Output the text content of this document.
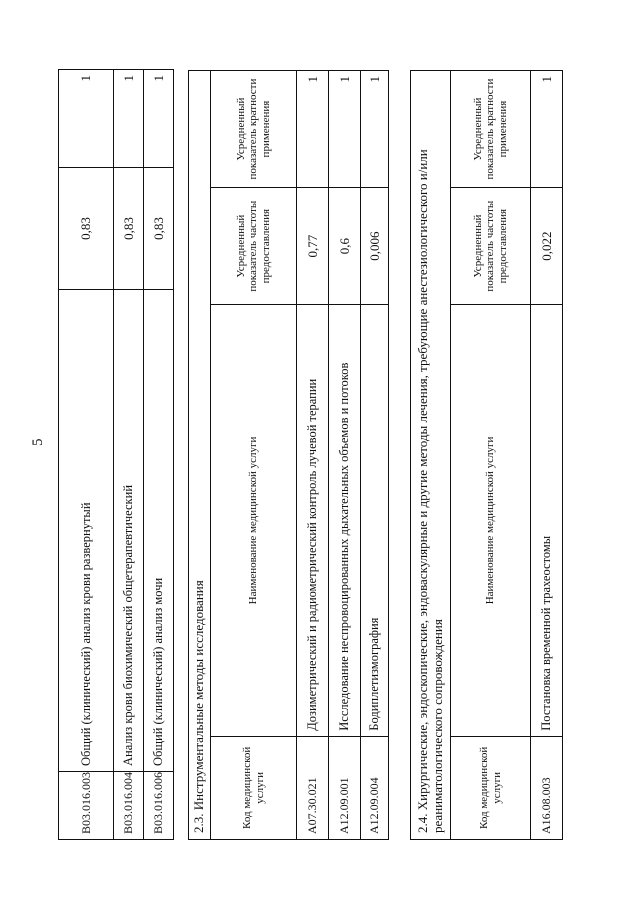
5
B03.016.003	Общий (клинический) анализ крови развернутый	0,83	1
B03.016.004	Анализ крови биохимический общетерапевтический	0,83	1
B03.016.006	Общий (клинический) анализ мочи	0,83	1
2.3. Инструментальные методы исследования			
Код медицинской услуги	Наименование медицинской услуги	Усредненный показатель частоты предоставления	Усредненный показатель кратности применения
A07.30.021	Дозиметрический и радиометрический контроль лучевой терапии	0,77	1
A12.09.001	Исследование неспровоцированных дыхательных объемов и потоков	0,6	1
A12.09.004	Бодиплетизмография	0,006	1
2.4. Хирургические, эндоскопические, эндоваскулярные и другие методы лечения, требующие анестезиологического и/или реаниматологического сопровождения			
Код медицинской услуги	Наименование медицинской услуги	Усредненный показатель частоты предоставления	Усредненный показатель кратности применения
A16.08.003	Постановка временной трахеостомы	0,022	1
